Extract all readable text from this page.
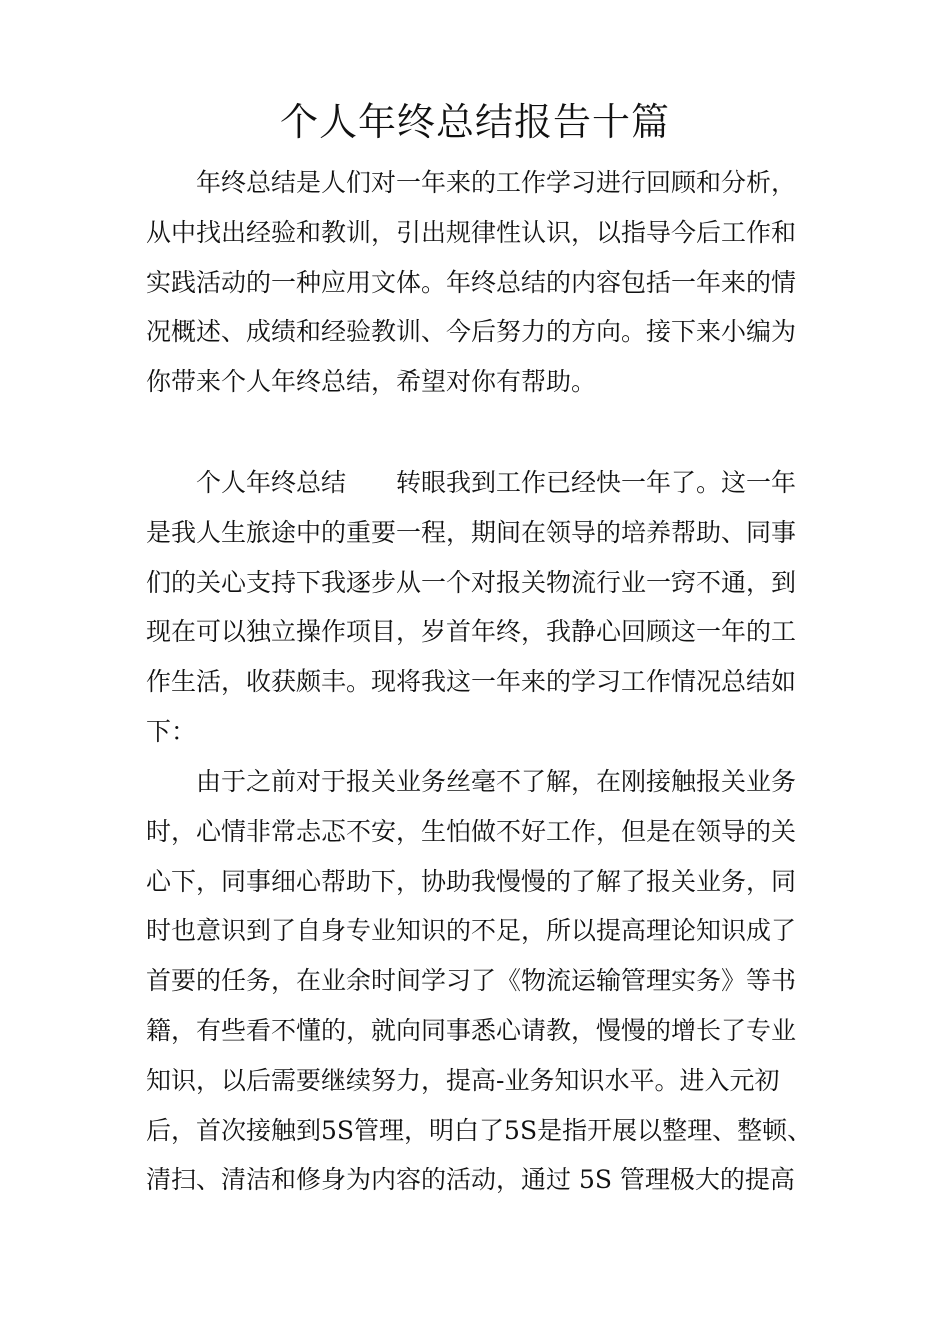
个人年终总结报告十篇
年终总结是人们对一年来的工作学习进行回顾和分析，
从中找出经验和教训，引出规律性认识，以指导今后工作和
实践活动的一种应用文体。年终总结的内容包括一年来的情
况概述、成绩和经验教训、今后努力的方向。接下来小编为
你带来个人年终总结，希望对你有帮助。
个人年终总结 转眼我到工作已经快一年了。这一年
是我人生旅途中的重要一程，期间在领导的培养帮助、同事
们的关心支持下我逐步从一个对报关物流行业一窍不通，到
现在可以独立操作项目，岁首年终，我静心回顾这一年的工
作生活，收获颇丰。现将我这一年来的学习工作情况总结如
下：
由于之前对于报关业务丝毫不了解，在刚接触报关业务
时，心情非常忐忑不安，生怕做不好工作，但是在领导的关
心下，同事细心帮助下，协助我慢慢的了解了报关业务，同
时也意识到了自身专业知识的不足，所以提高理论知识成了
首要的任务，在业余时间学习了《物流运输管理实务》等书
籍，有些看不懂的，就向同事悉心请教，慢慢的增长了专业
知识，以后需要继续努力，提高-业务知识水平。进入元初
后，首次接触到5S管理，明白了5S是指开展以整理、整顿、
清扫、清洁和修身为内容的活动，通过 5S 管理极大的提高
